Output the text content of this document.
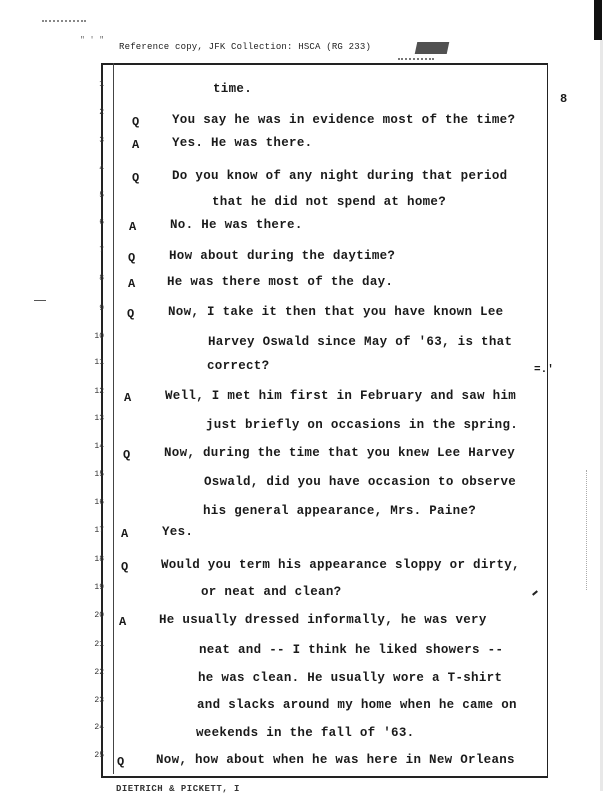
" ' "
Reference copy, JFK Collection: HSCA (RG 233)
8
1	time.
2
Q	You say he was in evidence most of the time?
3 A	Yes. He was there.
4
Q	Do you know of any night during that period
5	that he did not spend at home?
6 A	No. He was there.
7
Q	How about during the daytime?
8 A	He was there most of the day.
9 Q	Now, I take it then that you have known Lee
10	Harvey Oswald since May of '63, is that
11	correct?
12 A	Well, I met him first in February and saw him
13	just briefly on occasions in the spring.
14
Q	Now, during the time that you knew Lee Harvey
15
Oswald, did you have occasion to observe
16
his general appearance, Mrs. Paine?
17 A	Yes.
18
Q	Would you term his appearance sloppy or dirty,
19	or neat and clean?
20 A	He usually dressed informally, he was very
21	neat and -- I think he liked showers --
22	he was clean. He usually wore a T-shirt
23	and slacks around my home when he came on
24	weekends in the fall of '63.
25 Q	Now, how about when he was here in New Orleans
=.'
DIETRICH & PICKETT, I
